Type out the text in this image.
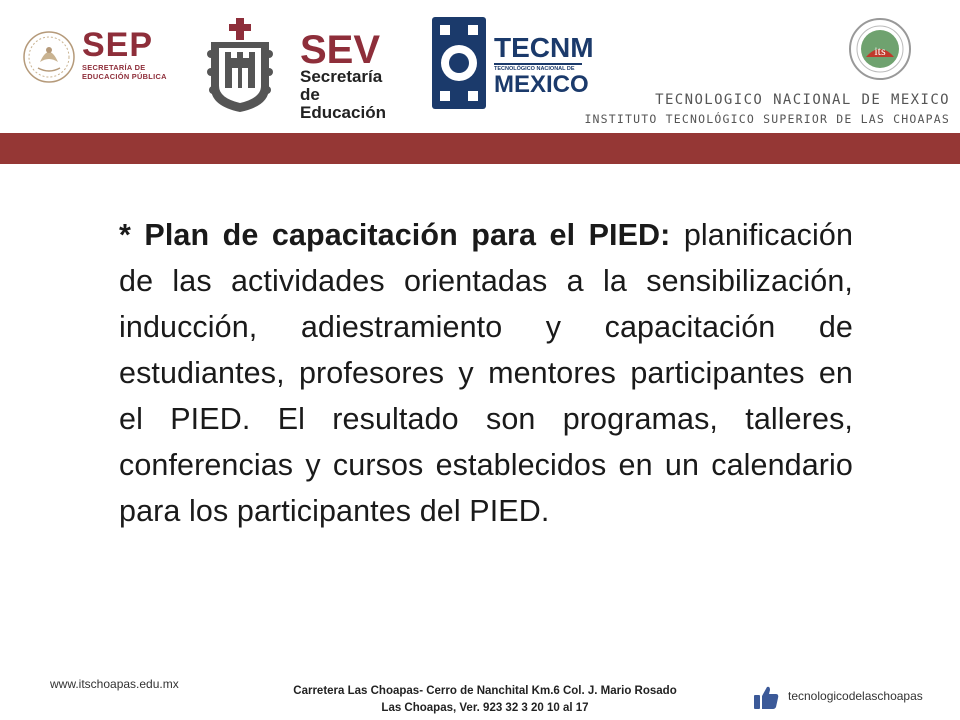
SEP
SECRETARÍA DE
EDUCACIÓN PÚBLICA
SEV
Secretaría
de Educación
TECNM
TECNOLÓGICO NACIONAL DE
MEXICO
its
TECNOLOGICO NACIONAL DE MEXICO
INSTITUTO TECNOLÓGICO SUPERIOR DE LAS CHOAPAS
* Plan de capacitación para el PIED: planificación de las actividades orientadas a la sensibilización, inducción, adiestramiento y capacitación de estudiantes, profesores y mentores participantes en el PIED. El resultado son programas, talleres, conferencias y cursos establecidos en un calendario para los participantes del PIED.
www.itschoapas.edu.mx	Carretera Las Choapas- Cerro de Nanchital Km.6 Col. J. Mario Rosado
Las Choapas, Ver. 923 32 3 20 10 al 17
tecnologicodelaschoapas
